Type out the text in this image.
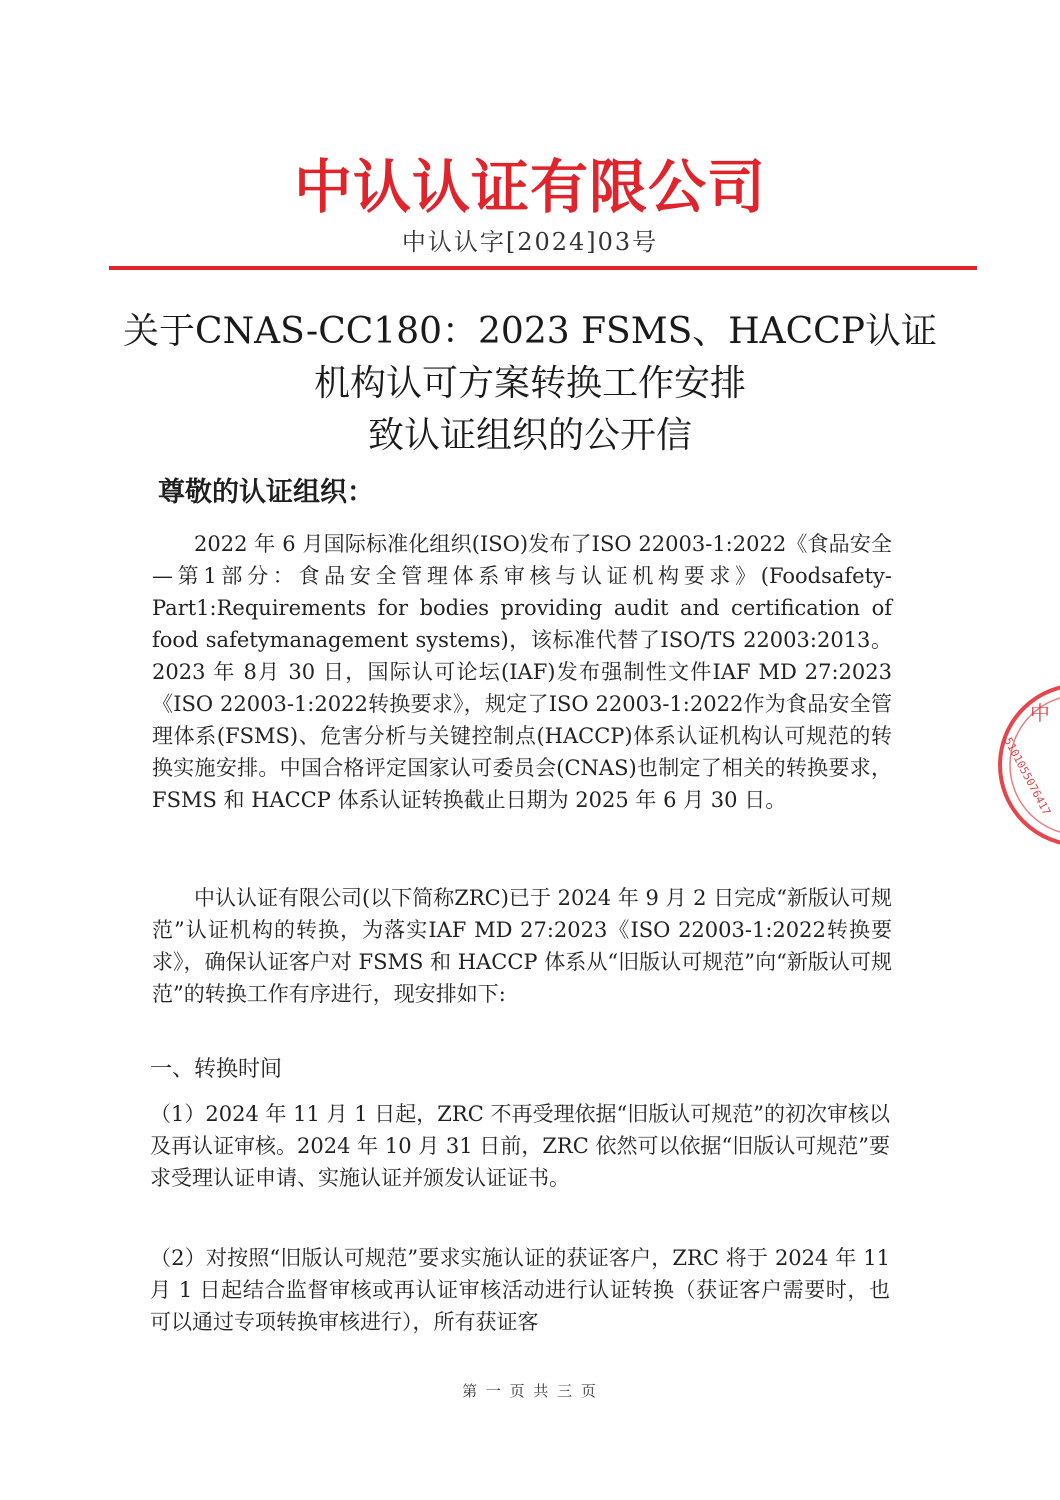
中认认证有限公司
中认认字[2024]03号
关于CNAS-CC180：2023 FSMS、HACCP认证
机构认可方案转换工作安排
致认证组织的公开信
尊敬的认证组织：
2022 年 6 月国际标准化组织(ISO)发布了ISO 22003-1:2022《食品安全—第1部分：食品安全管理体系审核与认证机构要求》(Foodsafety-Part1:Requirements for bodies providing audit and certification of food safetymanagement systems)，该标准代替了ISO/TS 22003:2013。2023 年 8月 30 日，国际认可论坛(IAF)发布强制性文件IAF MD 27:2023《ISO 22003-1:2022转换要求》，规定了ISO 22003-1:2022作为食品安全管理体系(FSMS)、危害分析与关键控制点(HACCP)体系认证机构认可规范的转换实施安排。中国合格评定国家认可委员会(CNAS)也制定了相关的转换要求，FSMS 和 HACCP 体系认证转换截止日期为 2025 年 6 月 30 日。
中认认证有限公司(以下简称ZRC)已于 2024 年 9 月 2 日完成“新版认可规范”认证机构的转换，为落实IAF MD 27:2023《ISO 22003-1:2022转换要求》，确保认证客户对 FSMS 和 HACCP 体系从“旧版认可规范”向“新版认可规范”的转换工作有序进行，现安排如下:
一、转换时间
（1）2024 年 11 月 1 日起，ZRC 不再受理依据“旧版认可规范”的初次审核以及再认证审核。2024 年 10 月 31 日前，ZRC 依然可以依据“旧版认可规范”要求受理认证申请、实施认证并颁发认证证书。
（2）对按照“旧版认可规范”要求实施认证的获证客户，ZRC 将于 2024 年 11 月 1 日起结合监督审核或再认证审核活动进行认证转换（获证客户需要时，也可以通过专项转换审核进行），所有获证客
第 一 页 共 三 页
中
5101055076417
